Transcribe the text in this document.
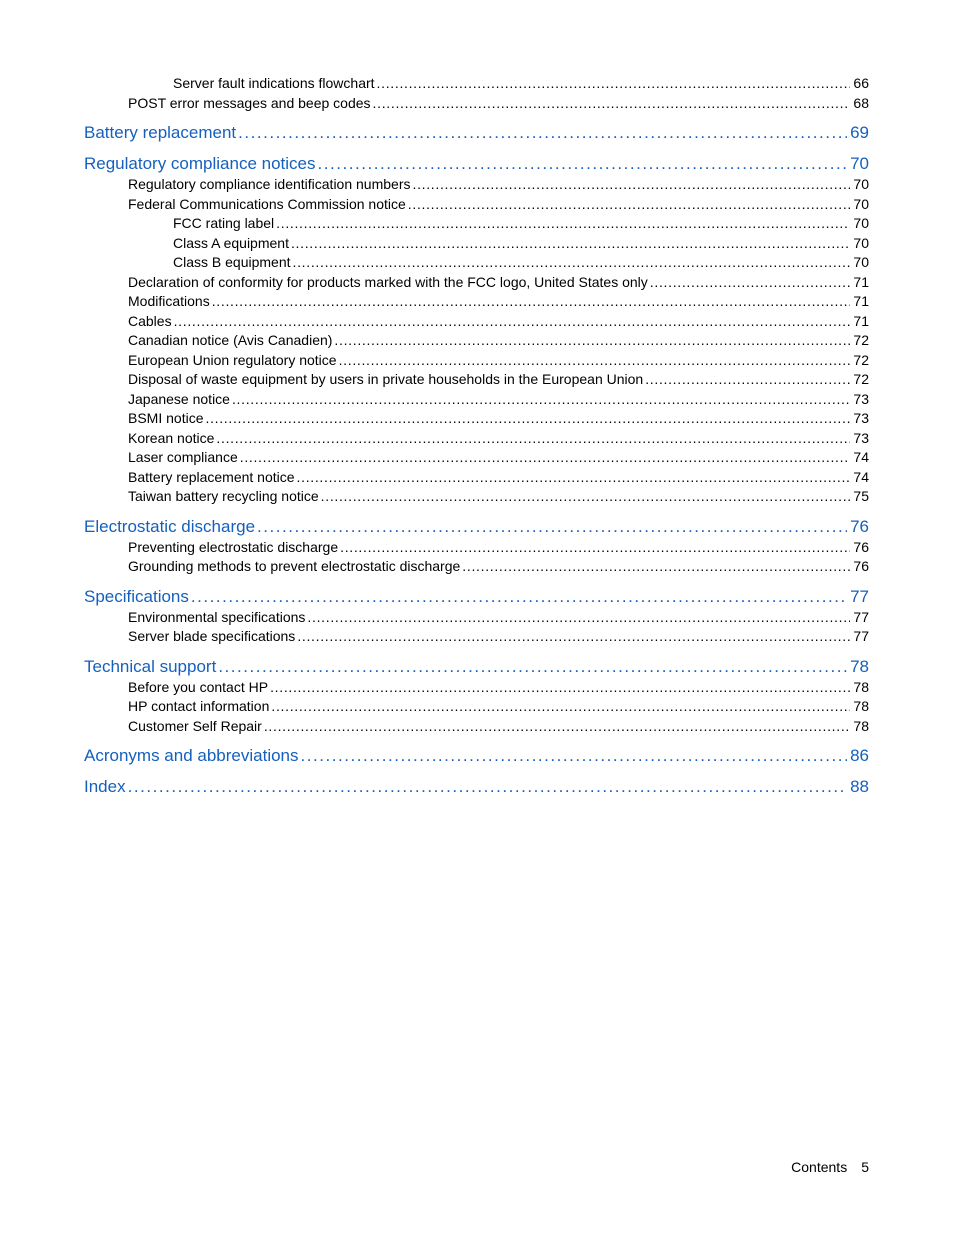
Server fault indications flowchart . . .	66
POST error messages and beep codes . . .	68
Battery replacement . . .	69
Regulatory compliance notices . . .	70
Regulatory compliance identification numbers . . .	70
Federal Communications Commission notice . . .	70
FCC rating label . . .	70
Class A equipment . . .	70
Class B equipment . . .	70
Declaration of conformity for products marked with the FCC logo, United States only . . .	71
Modifications . . .	71
Cables . . .	71
Canadian notice (Avis Canadien) . . .	72
European Union regulatory notice . . .	72
Disposal of waste equipment by users in private households in the European Union . . .	72
Japanese notice . . .	73
BSMI notice . . .	73
Korean notice . . .	73
Laser compliance . . .	74
Battery replacement notice . . .	74
Taiwan battery recycling notice . . .	75
Electrostatic discharge . . .	76
Preventing electrostatic discharge . . .	76
Grounding methods to prevent electrostatic discharge . . .	76
Specifications . . .	77
Environmental specifications . . .	77
Server blade specifications . . .	77
Technical support . . .	78
Before you contact HP . . .	78
HP contact information . . .	78
Customer Self Repair . . .	78
Acronyms and abbreviations . . .	86
Index . . .	88
Contents 5
